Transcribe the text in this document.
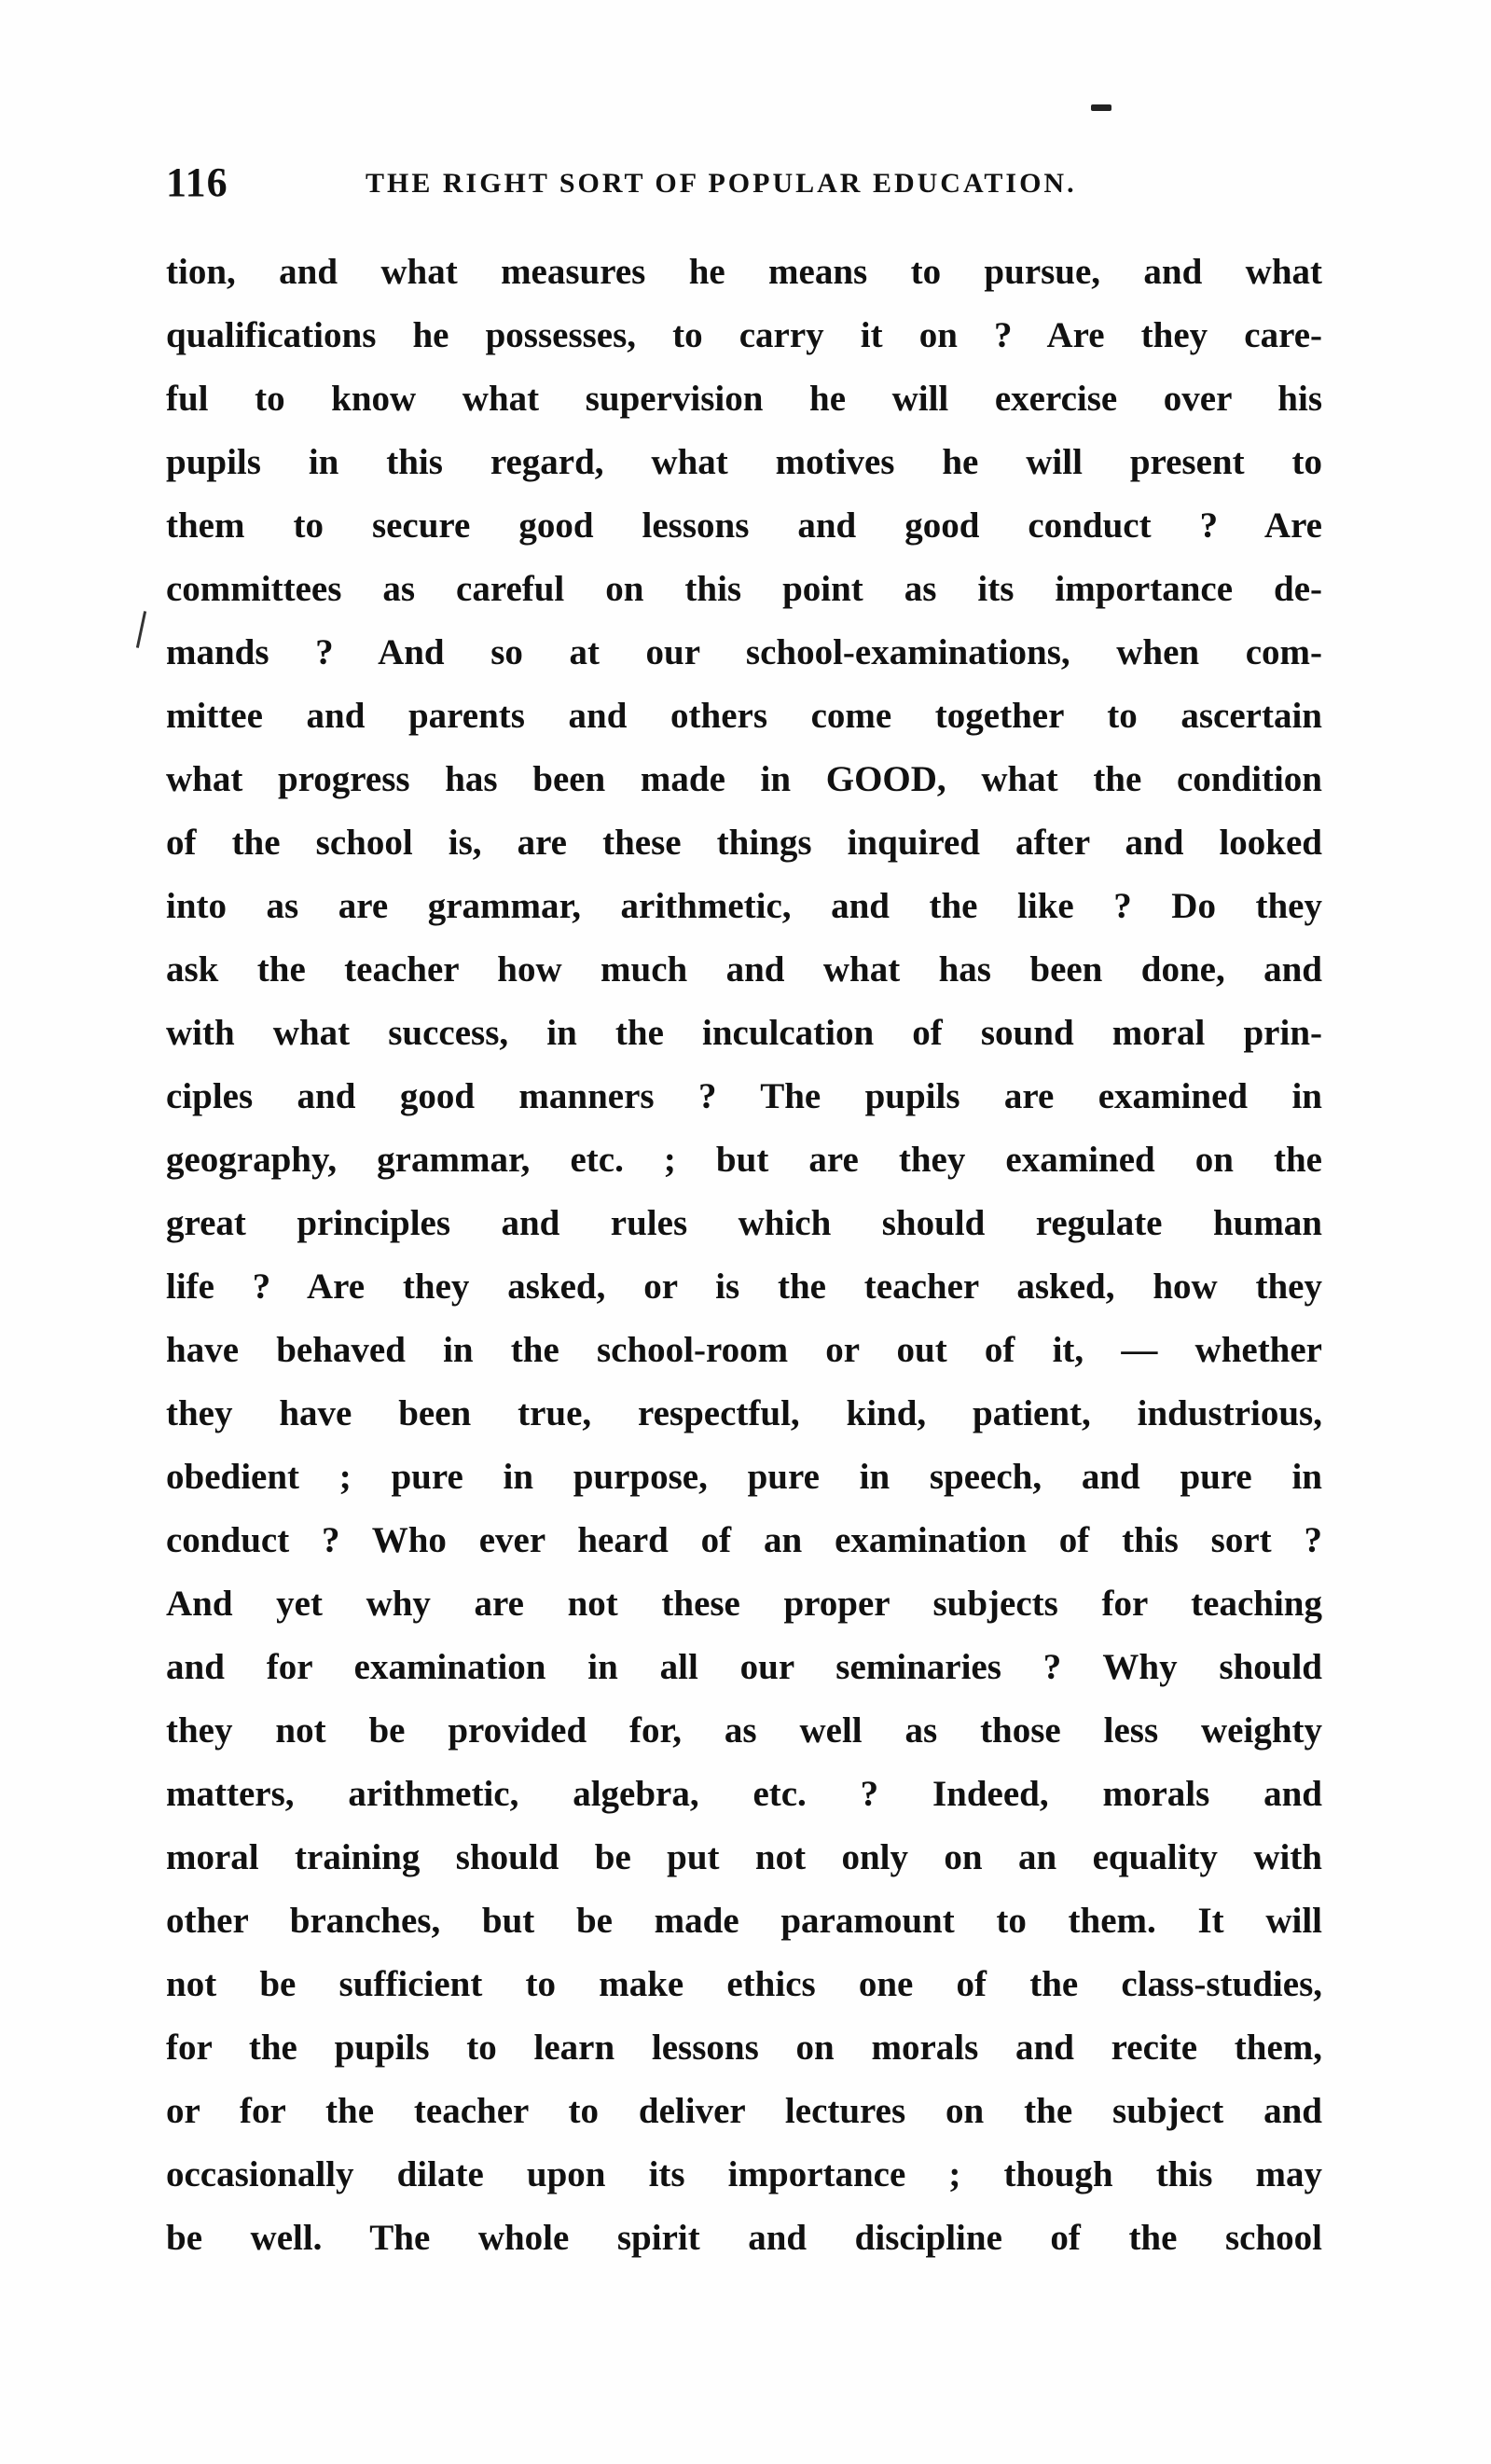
116	THE RIGHT SORT OF POPULAR EDUCATION.
tion, and what measures he means to pursue, and what
qualifications he possesses, to carry it on ? Are they care-
ful to know what supervision he will exercise over his
pupils in this regard, what motives he will present to
them to secure good lessons and good conduct ? Are
committees as careful on this point as its importance de-
mands ? And so at our school-examinations, when com-
mittee and parents and others come together to ascertain
what progress has been made in GOOD, what the condition
of the school is, are these things inquired after and looked
into as are grammar, arithmetic, and the like ? Do they
ask the teacher how much and what has been done, and
with what success, in the inculcation of sound moral prin-
ciples and good manners ? The pupils are examined in
geography, grammar, etc. ; but are they examined on the
great principles and rules which should regulate human
life ? Are they asked, or is the teacher asked, how they
have behaved in the school-room or out of it, — whether
they have been true, respectful, kind, patient, industrious,
obedient ; pure in purpose, pure in speech, and pure in
conduct ? Who ever heard of an examination of this sort ?
And yet why are not these proper subjects for teaching
and for examination in all our seminaries ? Why should
they not be provided for, as well as those less weighty
matters, arithmetic, algebra, etc. ? Indeed, morals and
moral training should be put not only on an equality with
other branches, but be made paramount to them. It will
not be sufficient to make ethics one of the class-studies,
for the pupils to learn lessons on morals and recite them,
or for the teacher to deliver lectures on the subject and
occasionally dilate upon its importance ; though this may
be well. The whole spirit and discipline of the school
